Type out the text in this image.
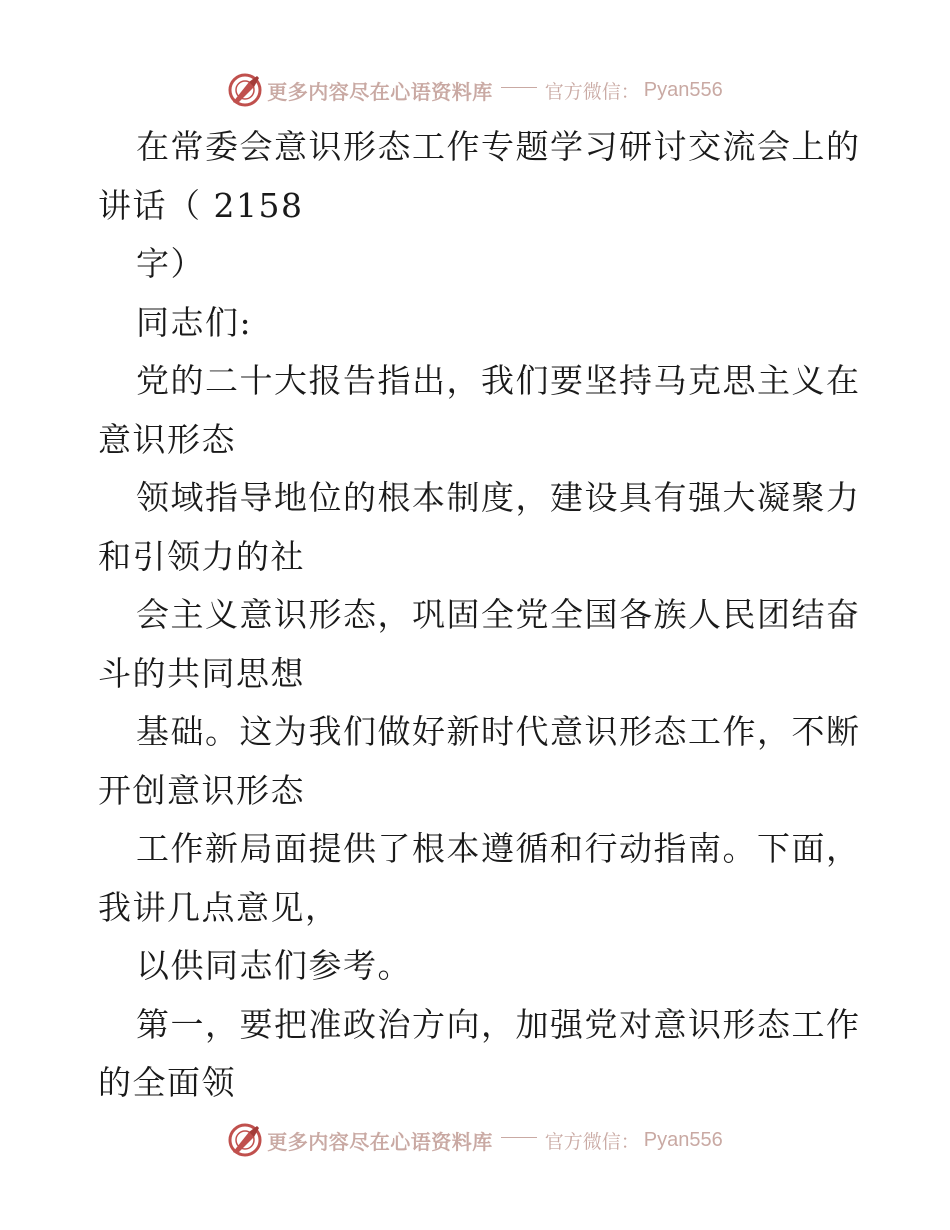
更多内容尽在心语资料库	官方微信： Pyan556
在常委会意识形态工作专题学习研讨交流会上的
讲话（ 2158
字）
同志们:
党的二十大报告指出，我们要坚持马克思主义在
意识形态
领域指导地位的根本制度，建设具有强大凝聚力
和引领力的社
会主义意识形态，巩固全党全国各族人民团结奋
斗的共同思想
基础。这为我们做好新时代意识形态工作，不断
开创意识形态
工作新局面提供了根本遵循和行动指南。下面，
我讲几点意见，
以供同志们参考。
第一，要把准政治方向，加强党对意识形态工作
的全面领
更多内容尽在心语资料库	官方微信： Pyan556
